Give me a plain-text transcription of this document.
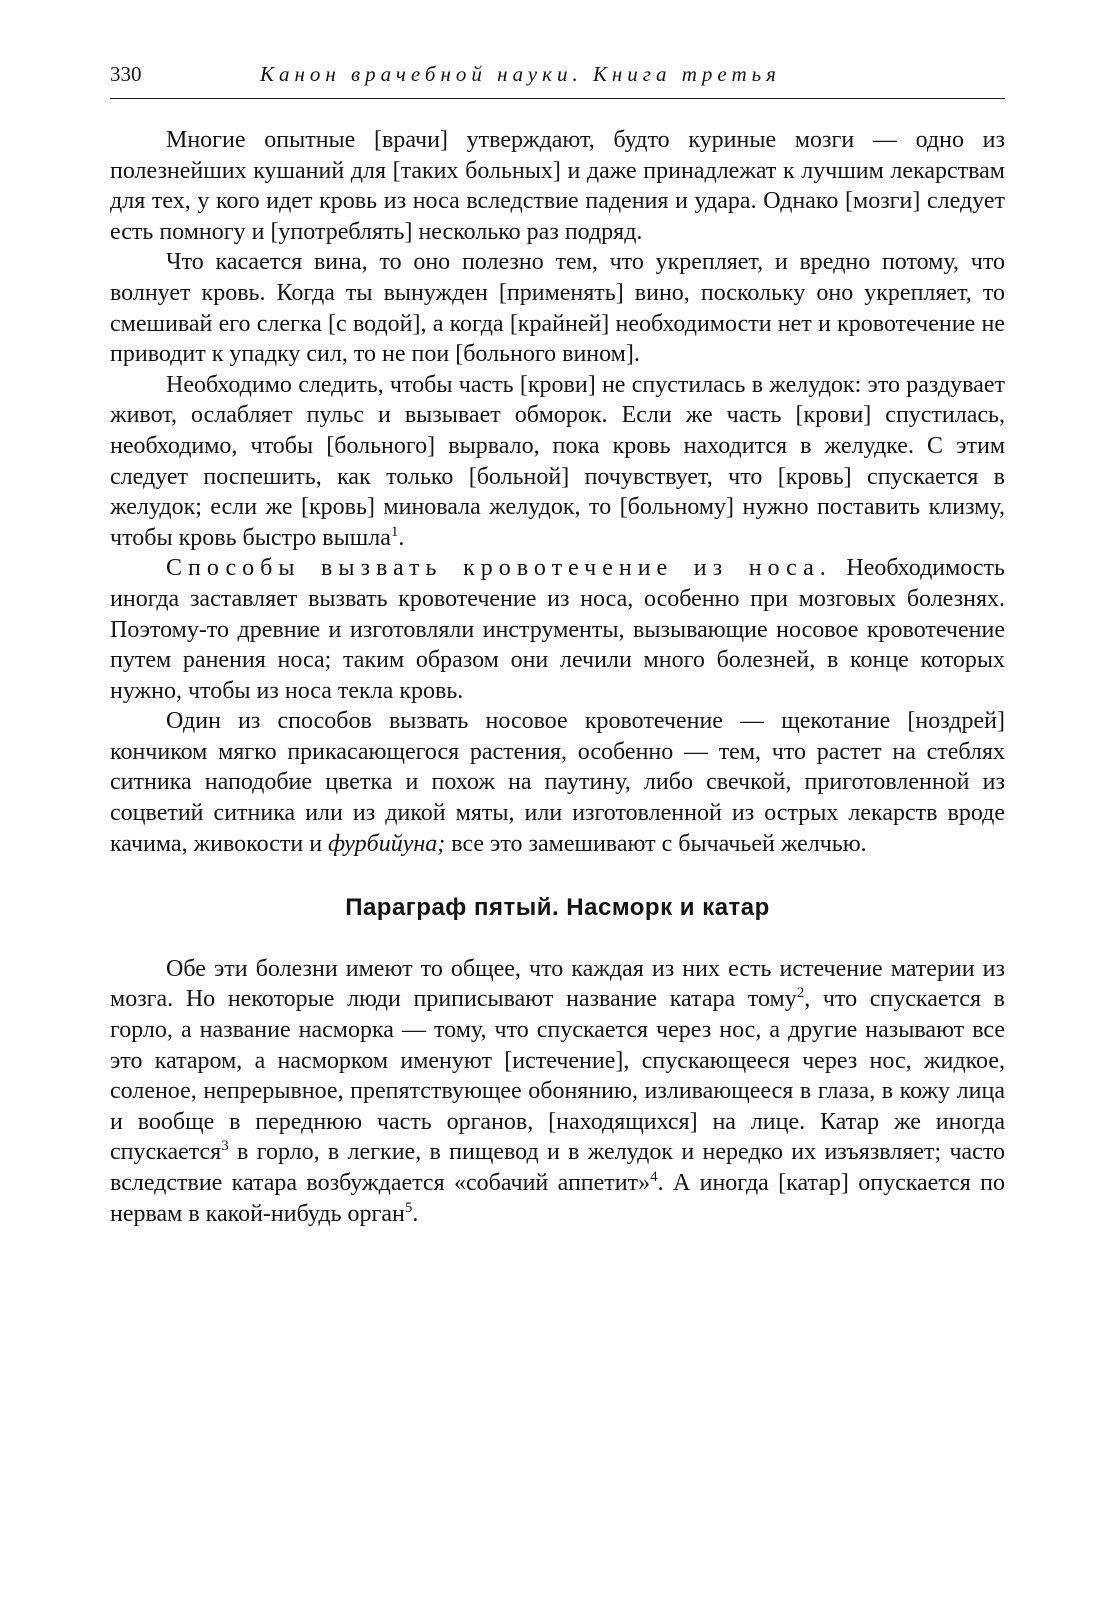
330	Канон врачебной науки. Книга третья

Многие опытные [врачи] утверждают, будто куриные мозги — одно из полезнейших кушаний для [таких больных] и даже принадлежат к лучшим лекарствам для тех, у кого идет кровь из носа вследствие падения и удара. Однако [мозги] следует есть помногу и [употреблять] несколько раз подряд.

Что касается вина, то оно полезно тем, что укрепляет, и вредно потому, что волнует кровь. Когда ты вынужден [применять] вино, поскольку оно укрепляет, то смешивай его слегка [с водой], а когда [крайней] необходимости нет и кровотечение не приводит к упадку сил, то не пои [больного вином].

Необходимо следить, чтобы часть [крови] не спустилась в желудок: это раздувает живот, ослабляет пульс и вызывает обморок. Если же часть [крови] спустилась, необходимо, чтобы [больного] вырвало, пока кровь находится в желудке. С этим следует поспешить, как только [больной] почувствует, что [кровь] спускается в желудок; если же [кровь] миновала желудок, то [больному] нужно поставить клизму, чтобы кровь быстро вышла$^1$.

Способы вызвать кровотечение из носа. Необходимость иногда заставляет вызвать кровотечение из носа, особенно при мозговых болезнях. Поэтому-то древние и изготовляли инструменты, вызывающие носовое кровотечение путем ранения носа; таким образом они лечили много болезней, в конце которых нужно, чтобы из носа текла кровь.

Один из способов вызвать носовое кровотечение — щекотание [ноздрей] кончиком мягко прикасающегося растения, особенно — тем, что растет на стеблях ситника наподобие цветка и похож на паутину, либо свечкой, приготовленной из соцветий ситника или из дикой мяты, или изготовленной из острых лекарств вроде качима, живокости и фурбийуна; все это замешивают с бычачьей желчью.

Параграф пятый. Насморк и катар

Обе эти болезни имеют то общее, что каждая из них есть истечение материи из мозга. Но некоторые люди приписывают название катара тому$^2$, что спускается в горло, а название насморка — тому, что спускается через нос, а другие называют все это катаром, а насморком именуют [истечение], спускающееся через нос, жидкое, соленое, непрерывное, препятствующее обонянию, изливающееся в глаза, в кожу лица и вообще в переднюю часть органов, [находящихся] на лице. Катар же иногда спускается$^3$ в горло, в легкие, в пищевод и в желудок и нередко их изъязвляет; часто вследствие катара возбуждается «собачий аппетит»$^4$. А иногда [катар] опускается по нервам в какой-нибудь орган$^5$.
